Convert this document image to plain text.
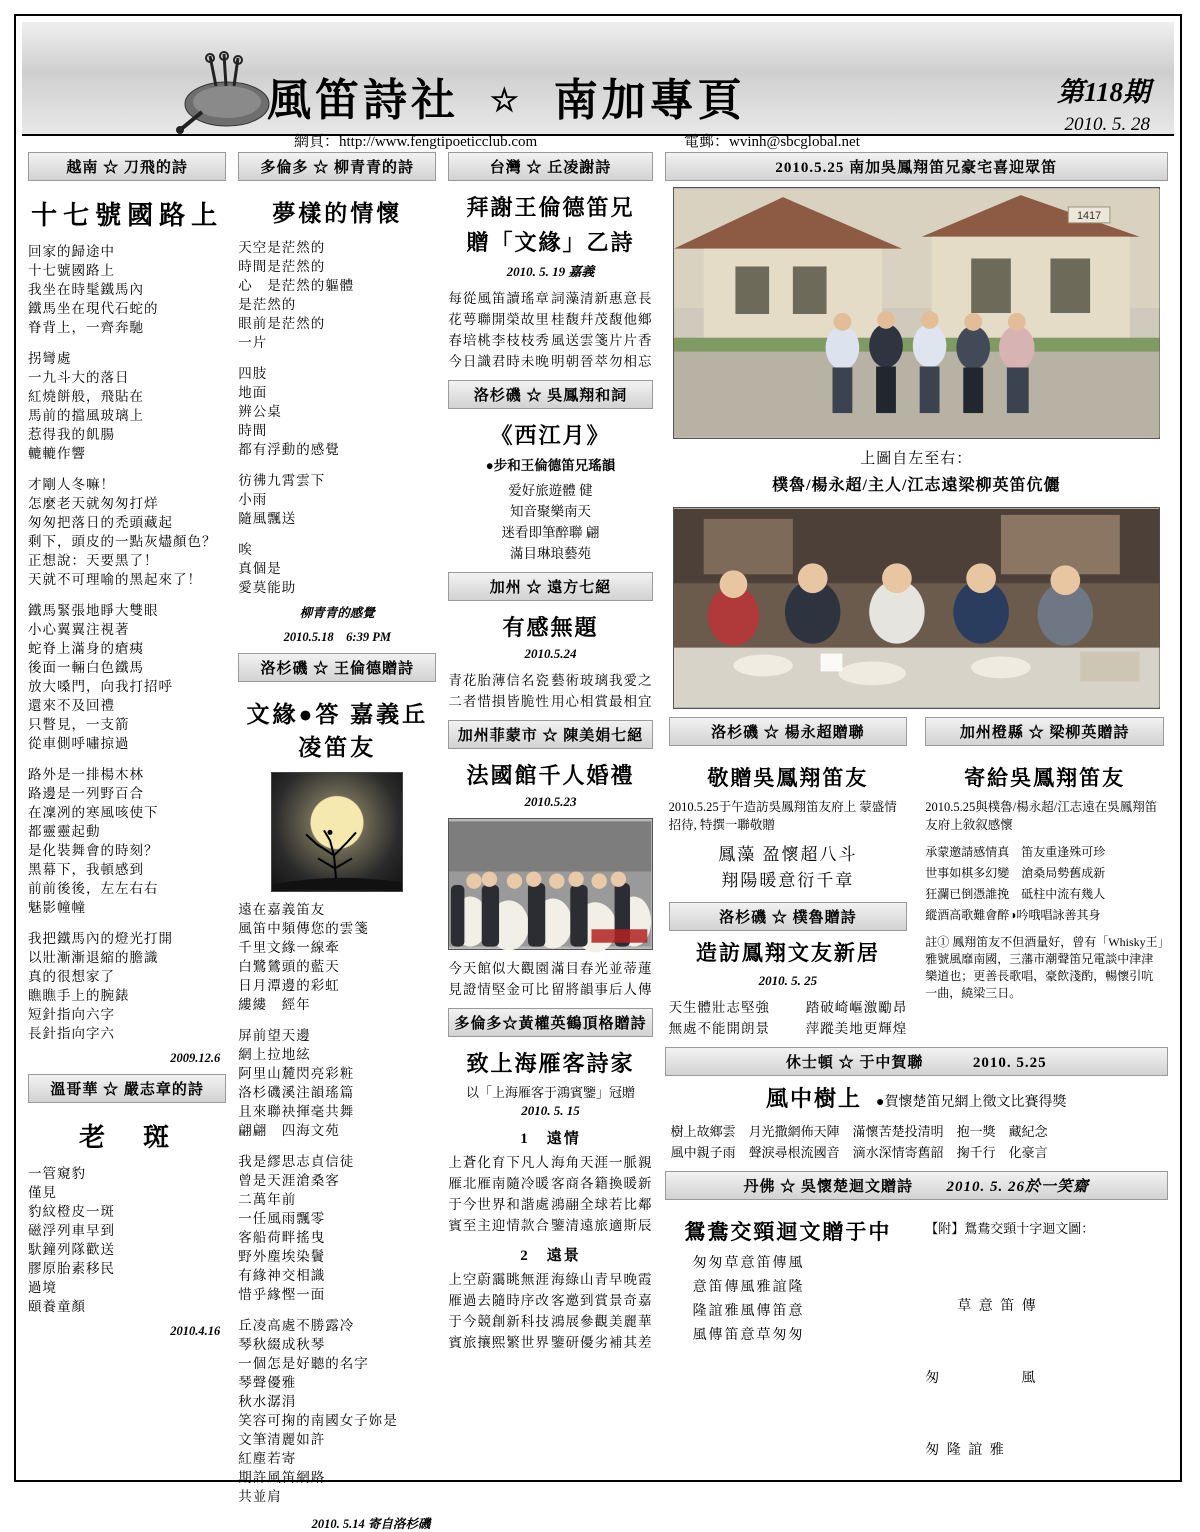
風笛詩社 ☆ 南加專頁	第118期
2010. 5. 28
網頁：http://www.fengtipoeticclub.com	電郵：wvinh@sbcglobal.net
越南 ☆ 刀飛的詩
十七號國路上
回家的歸途中
十七號國路上
我坐在時髦鐵馬內
鐵馬坐在現代石蛇的
脊背上，一齊奔馳
拐彎處
一九斗大的落日
紅燒餅般，飛貼在
馬前的擋風玻璃上
惹得我的飢腸
轆轆作響
才剛人冬嘛！
怎麼老天就匆匆打烊
匆匆把落日的禿頭藏起
剩下，頭皮的一點灰燼顏色？
正想說：天要黑了！
天就不可理喻的黑起來了！
鐵馬緊張地睜大雙眼
小心翼翼注視著
蛇脊上滿身的瘡痍
後面一輛白色鐵馬
放大嗓門，向我打招呼
還來不及回禮
只瞥見，一支箭
從車側呼嘯掠過
路外是一排楊木林
路邊是一列野百合
在凜冽的寒風咳使下
都靈靈起動
是化裝舞會的時刻？
黑幕下，我頓感到
前前後後，左左右右
魅影幢幢
我把鐵馬內的燈光打開
以壯漸漸退縮的膽識
真的很想家了
瞧瞧手上的腕錶
短針指向六字
長針指向字六
2009.12.6
溫哥華 ☆ 嚴志章的詩
老　斑
一管窺豹
僅見
豹紋橙皮一斑
磁浮列車早到
馱鐘列隊歡送
膠原胎素移民
過境
頤養童顏
2010.4.16
多倫多 ☆ 柳青青的詩
夢樣的情懷
天空是茫然的
時間是茫然的
心　是茫然的軀體
是茫然的
眼前是茫然的
一片
四肢
地面
辨公桌
時間
都有浮動的感覺
彷彿九霄雲下
小雨
隨風飄送
唉
真個是
愛莫能助
柳青青的感覺
2010.5.18　6:39 PM
洛杉磯 ☆ 王倫德贈詩
文緣●答 嘉義丘凌笛友
遠在嘉義笛友
風笛中頻傳您的雲箋
千里文緣一線牽
白鷺鷥頭的藍天
日月潭邊的彩虹
縷縷　經年
屏前望天邊
網上拉地絃
阿里山麓閃亮彩粧
洛杉磯溪注韻瑤篇
且來聯袂揮毫共舞
翩翩　四海文苑
我是繆思志貞信徒
曾是天涯滄桑客
二萬年前
一任風雨飄零
客船荷畔搖曳
野外塵埃染鬢
有緣神交相識
惜乎緣慳一面
丘凌高處不勝露冷
琴秋綴成秋琴
一個怎是好聽的名字
琴聲優雅
秋水潺涓
笑容可掬的南國女子妳是
文筆清麗如許
紅塵若寄
期許風笛網路
共並肩
2010. 5.14 寄自洛杉磯
台灣 ☆ 丘凌謝詩
拜謝王倫德笛兄
贈「文緣」乙詩
2010. 5. 19 嘉義
每從風笛讀瑤章 詞藻清新惠意長
花萼聯開榮故里 桂馥幷茂馥他鄉
春培桃李枝枝秀 風送雲箋片片香
今日識君時未晚 明朝晉萃勿相忘
洛杉磯 ☆ 吳鳳翔和詞
《西江月》
●步和王倫德笛兄瑤韻
爱好旅遊體 健
知音聚樂南天
迷看即筆醉聯 翩
滿目琳琅藝苑
加州 ☆ 遠方七絕
有感無題
2010.5.24
青花胎薄信名瓷 藝術玻璃我愛之
二者惜損皆脆性 用心相賞最相宜
加州菲蒙市 ☆ 陳美娟七絕
法國館千人婚禮
2010.5.23
今天館似大觀園 滿目春光並蒂蓮
見證情堅金可比 留將韻事后人傳
多倫多☆黃權英鶴頂格贈詩
致上海雁客詩家
以「上海雁客于鴻賓鑒」冠贈
2010. 5. 15
1　遠情
上蒼化育下凡人 海角天涯一脈親
雁北雁南隨冷暖 客商各籍換暖新
于今世界和諧處 鴻翮全球若比鄰
賓至主迎情款合 鑒清遠旅適斯辰
2　遠景
上空蔚靄眺無涯 海綠山青早晚霞
雁過去隨時序改 客邀到賞景奇嘉
于今競創新科技 鴻展參觀美麗華
賓旅攘熙繁世界 鑒研優劣補其差
2010.5.25 南加吳鳳翔笛兄豪宅喜迎眾笛
1417
上圖自左至右：
樸魯/楊永超/主人/江志遠梁柳英笛伉儷
洛杉磯 ☆ 楊永超贈聯	加州橙縣 ☆ 梁柳英贈詩
敬贈吳鳳翔笛友
2010.5.25于午造訪吳鳳翔笛友府上 蒙盛情招待, 特撰一聯敬贈
鳳藻 盈懷超八斗
翔陽暖意衍千章
洛杉磯 ☆ 樸魯贈詩
造訪鳳翔文友新居
2010. 5. 25
天生體壯志堅強	踏破崎嶇激勵昂
無處不能開朗景	萍蹤美地更輝煌
寄給吳鳳翔笛友
2010.5.25與樸魯/楊永超/江志遠在吳鳳翔笛友府上敘叙感懷
承蒙邀請感情真　笛友重逢殊可珍
世事如棋多幻變　滄桑局勢舊成新
狂瀾已倒憑誰挽　砥柱中流有幾人
縱酒高歌難會醉◑吟哦唱詠善其身
註① 鳳翔笛友不但酒量好，曾有「Whisky王」雅號風靡南國，三藩市潮聲笛兄電談中津津樂道也；更善長歌唱，豪飲淺酌，暢懷引吭一曲，繞梁三日。
休士頓 ☆ 于中賀聯	2010. 5.25
風中樹上 ●賀懷楚笛兄網上徵文比賽得獎
樹上故鄉雲　月光撒網佈天陣　滿懷苦楚投清明　抱一獎　藏紀念
風中親子雨　聲淚尋根流國音　滴水深情寄舊韶　掬千行　化豪言
丹佛 ☆ 吳懷楚迴文贈詩 2010. 5. 26於一笑齋
鴛鴦交頸迴文贈于中
匆匆草意笛傳風
意笛傳風雅誼隆
隆誼雅風傳笛意
風傳笛意草匆匆
【附】鴛鴦交頸十字迴文圖：

　　草 意 笛 傳

匆　　　　　風

匆 隆 誼 雅
